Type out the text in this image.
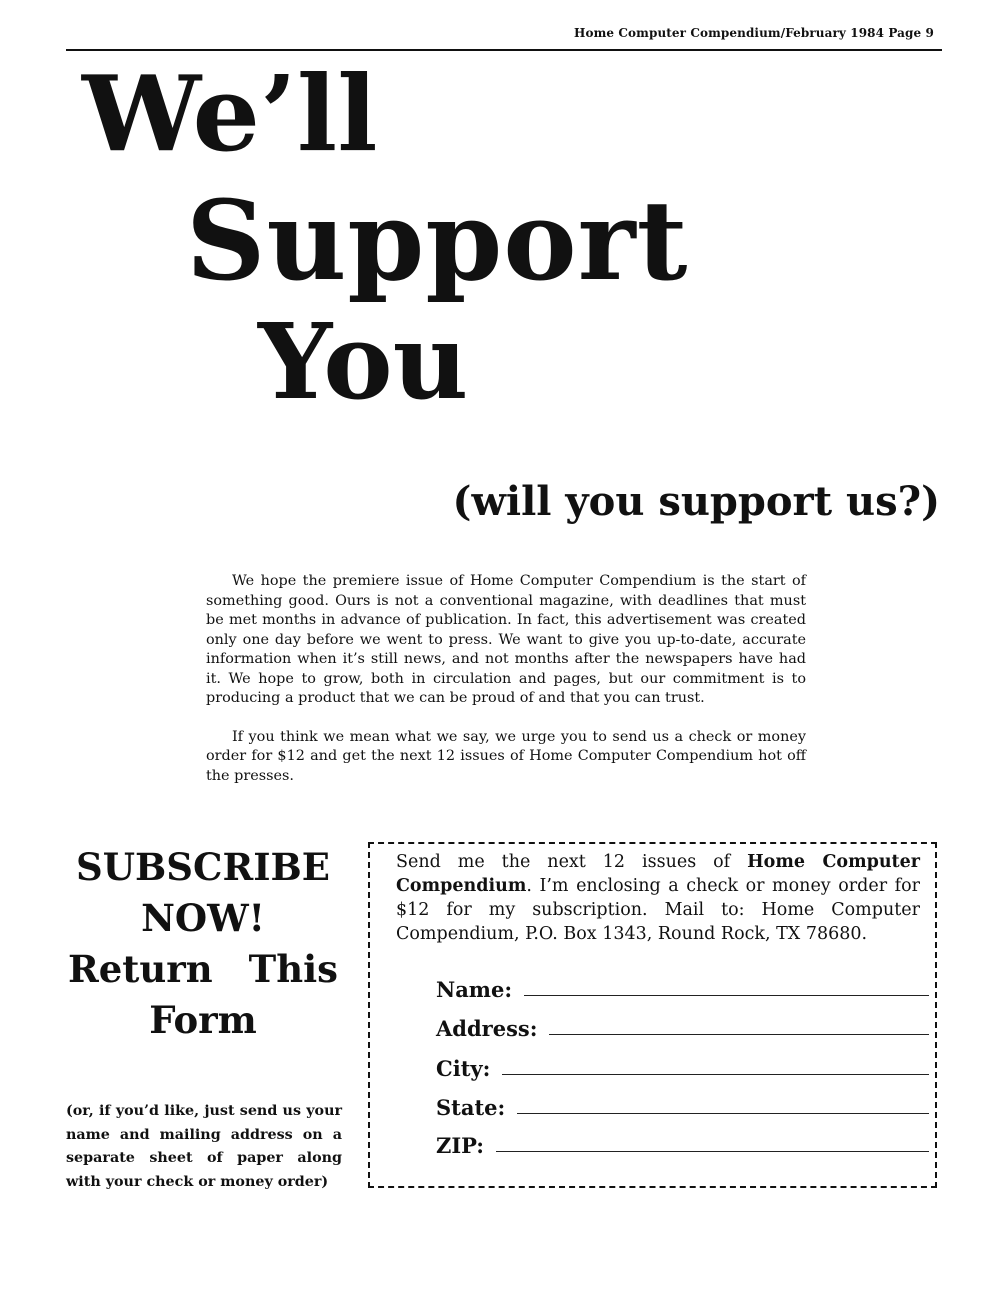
Home Computer Compendium/February 1984 Page 9
We’ll
Support
You
(will you support us?)

We hope the premiere issue of Home Computer Compendium is the start of something good. Ours is not a conventional magazine, with deadlines that must be met months in advance of publication. In fact, this advertisement was created only one day before we went to press. We want to give you up-to-date, accurate information when it’s still news, and not months after the newspapers have had it. We hope to grow, both in circulation and pages, but our commitment is to producing a product that we can be proud of and that you can trust.

If you think we mean what we say, we urge you to send us a check or money order for $12 and get the next 12 issues of Home Computer Compendium hot off the presses.

SUBSCRIBE
NOW!
Return This
Form
(or, if you’d like, just send us your name and mailing address on a separate sheet of paper along with your check or money order)
Send me the next 12 issues of Home Computer Compendium. I’m enclosing a check or money order for $12 for my subscription. Mail to: Home Computer Compendium, P.O. Box 1343, Round Rock, TX 78680.
Name:
Address:
City:
State:
ZIP:
